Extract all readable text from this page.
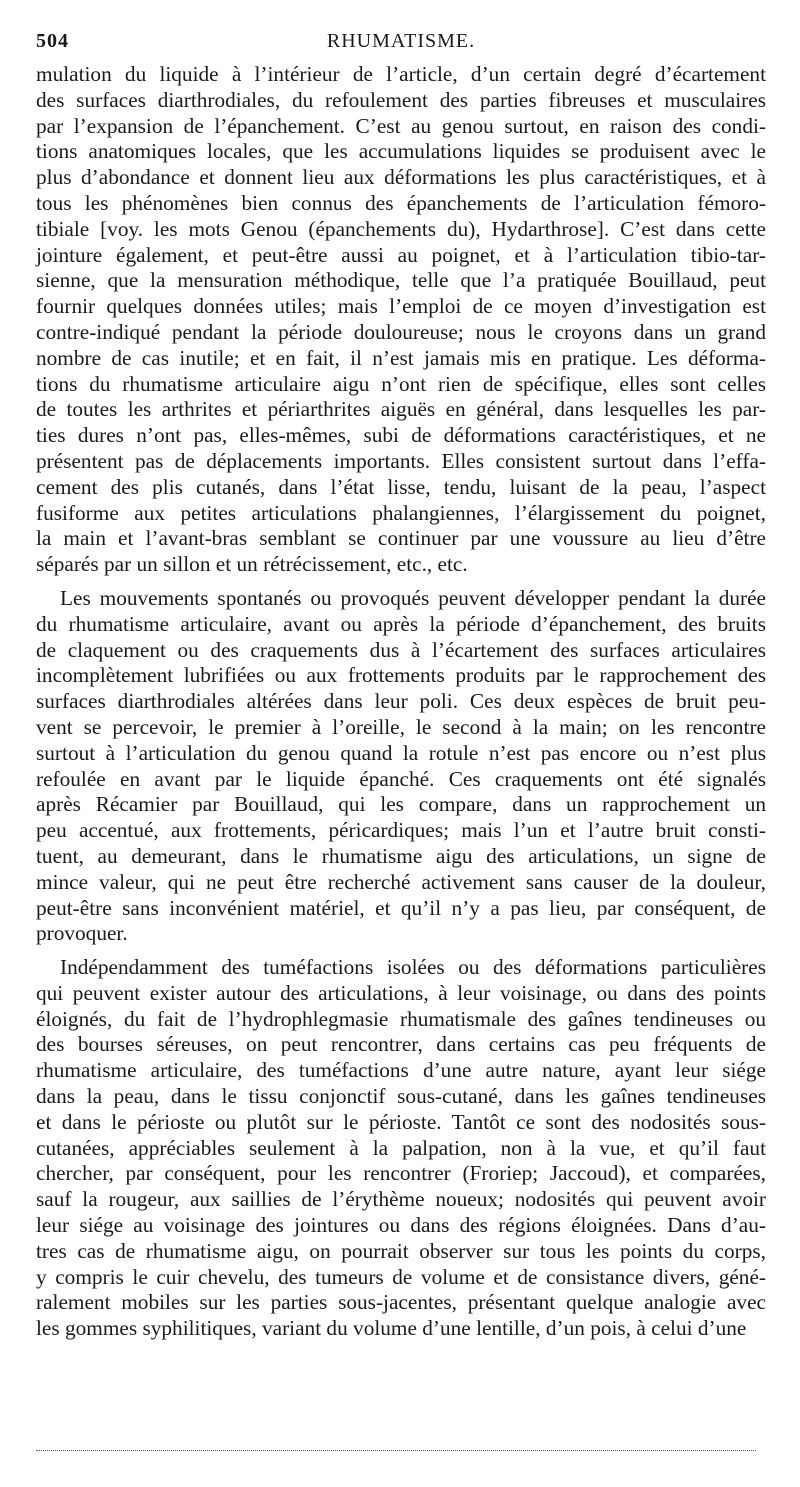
504	RHUMATISME.
mulation du liquide à l’intérieur de l’article, d’un certain degré d’écartement
des surfaces diarthrodiales, du refoulement des parties fibreuses et musculaires
par l’expansion de l’épanchement. C’est au genou surtout, en raison des condi-
tions anatomiques locales, que les accumulations liquides se produisent avec le
plus d’abondance et donnent lieu aux déformations les plus caractéristiques, et à
tous les phénomènes bien connus des épanchements de l’articulation fémoro-
tibiale [voy. les mots Genou (épanchements du), Hydarthrose]. C’est dans cette
jointure également, et peut-être aussi au poignet, et à l’articulation tibio-tar-
sienne, que la mensuration méthodique, telle que l’a pratiquée Bouillaud, peut
fournir quelques données utiles; mais l’emploi de ce moyen d’investigation est
contre-indiqué pendant la période douloureuse; nous le croyons dans un grand
nombre de cas inutile; et en fait, il n’est jamais mis en pratique. Les déforma-
tions du rhumatisme articulaire aigu n’ont rien de spécifique, elles sont celles
de toutes les arthrites et périarthrites aiguës en général, dans lesquelles les par-
ties dures n’ont pas, elles-mêmes, subi de déformations caractéristiques, et ne
présentent pas de déplacements importants. Elles consistent surtout dans l’effa-
cement des plis cutanés, dans l’état lisse, tendu, luisant de la peau, l’aspect
fusiforme aux petites articulations phalangiennes, l’élargissement du poignet,
la main et l’avant-bras semblant se continuer par une voussure au lieu d’être
séparés par un sillon et un rétrécissement, etc., etc.
Les mouvements spontanés ou provoqués peuvent développer pendant la durée
du rhumatisme articulaire, avant ou après la période d’épanchement, des bruits
de claquement ou des craquements dus à l’écartement des surfaces articulaires
incomplètement lubrifiées ou aux frottements produits par le rapprochement des
surfaces diarthrodiales altérées dans leur poli. Ces deux espèces de bruit peu-
vent se percevoir, le premier à l’oreille, le second à la main; on les rencontre
surtout à l’articulation du genou quand la rotule n’est pas encore ou n’est plus
refoulée en avant par le liquide épanché. Ces craquements ont été signalés
après Récamier par Bouillaud, qui les compare, dans un rapprochement un
peu accentué, aux frottements, péricardiques; mais l’un et l’autre bruit consti-
tuent, au demeurant, dans le rhumatisme aigu des articulations, un signe de
mince valeur, qui ne peut être recherché activement sans causer de la douleur,
peut-être sans inconvénient matériel, et qu’il n’y a pas lieu, par conséquent, de
provoquer.
Indépendamment des tuméfactions isolées ou des déformations particulières
qui peuvent exister autour des articulations, à leur voisinage, ou dans des points
éloignés, du fait de l’hydrophlegmasie rhumatismale des gaînes tendineuses ou
des bourses séreuses, on peut rencontrer, dans certains cas peu fréquents de
rhumatisme articulaire, des tuméfactions d’une autre nature, ayant leur siége
dans la peau, dans le tissu conjonctif sous-cutané, dans les gaînes tendineuses
et dans le périoste ou plutôt sur le périoste. Tantôt ce sont des nodosités sous-
cutanées, appréciables seulement à la palpation, non à la vue, et qu’il faut
chercher, par conséquent, pour les rencontrer (Froriep; Jaccoud), et comparées,
sauf la rougeur, aux saillies de l’érythème noueux; nodosités qui peuvent avoir
leur siége au voisinage des jointures ou dans des régions éloignées. Dans d’au-
tres cas de rhumatisme aigu, on pourrait observer sur tous les points du corps,
y compris le cuir chevelu, des tumeurs de volume et de consistance divers, géné-
ralement mobiles sur les parties sous-jacentes, présentant quelque analogie avec
les gommes syphilitiques, variant du volume d’une lentille, d’un pois, à celui d’une
